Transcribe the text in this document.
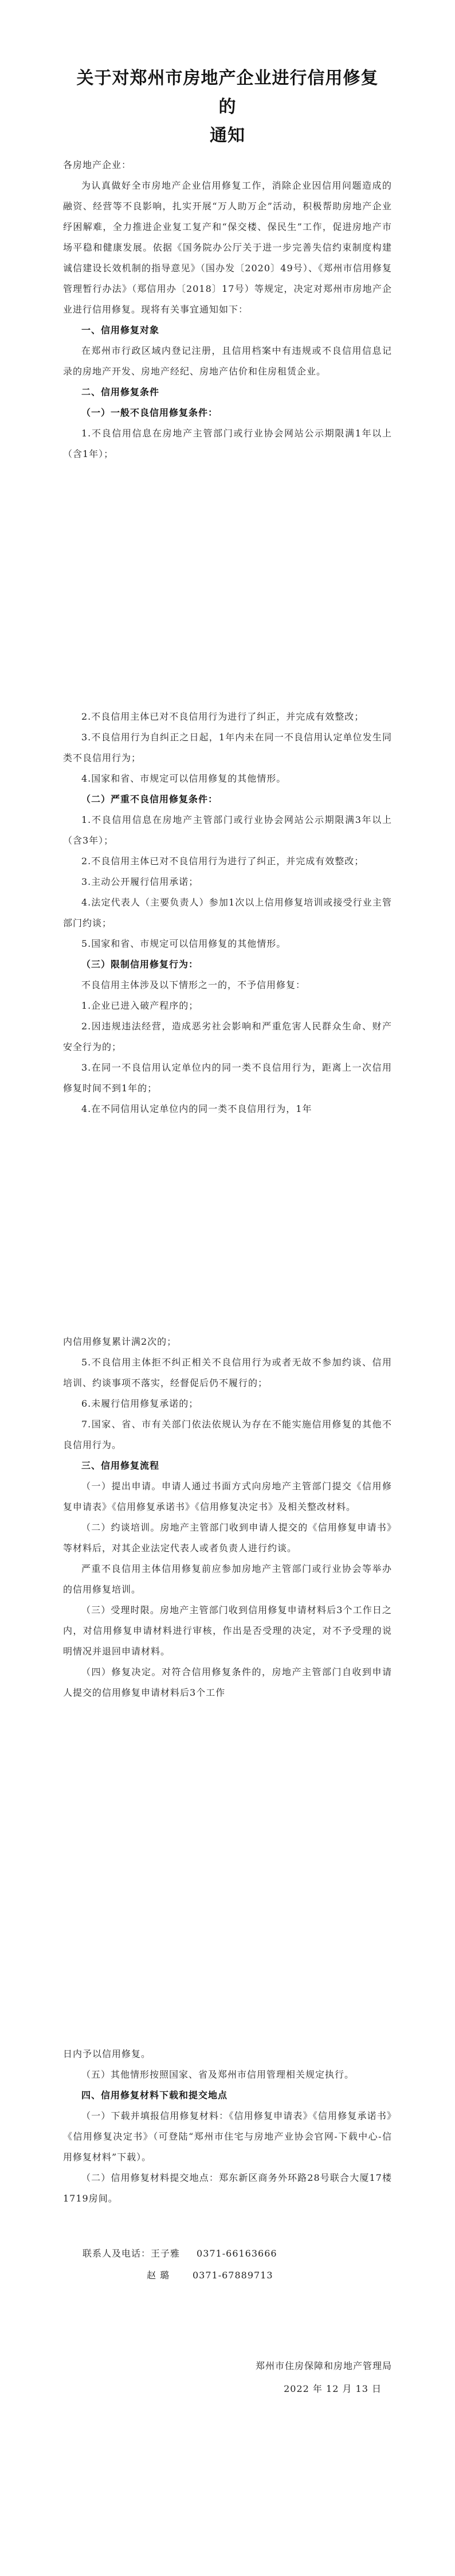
关于对郑州市房地产企业进行信用修复的
通知

各房地产企业：

为认真做好全市房地产企业信用修复工作，消除企业因信用问题造成的融资、经营等不良影响，扎实开展“万人助万企”活动，积极帮助房地产企业纾困解难，全力推进企业复工复产和“保交楼、保民生”工作，促进房地产市场平稳和健康发展。依据《国务院办公厅关于进一步完善失信约束制度构建诚信建设长效机制的指导意见》（国办发〔2020〕49号）、《郑州市信用修复管理暂行办法》（郑信用办〔2018〕17号）等规定，决定对郑州市房地产企业进行信用修复。现将有关事宜通知如下：

一、信用修复对象

在郑州市行政区域内登记注册，且信用档案中有违规或不良信用信息记录的房地产开发、房地产经纪、房地产估价和住房租赁企业。

二、信用修复条件

（一）一般不良信用修复条件：

1.不良信用信息在房地产主管部门或行业协会网站公示期限满1年以上（含1年）；

2.不良信用主体已对不良信用行为进行了纠正，并完成有效整改；

3.不良信用行为自纠正之日起，1年内未在同一不良信用认定单位发生同类不良信用行为；

4.国家和省、市规定可以信用修复的其他情形。

（二）严重不良信用修复条件：

1.不良信用信息在房地产主管部门或行业协会网站公示期限满3年以上（含3年）；

2.不良信用主体已对不良信用行为进行了纠正，并完成有效整改；

3.主动公开履行信用承诺；

4.法定代表人（主要负责人）参加1次以上信用修复培训或接受行业主管部门约谈；

5.国家和省、市规定可以信用修复的其他情形。

（三）限制信用修复行为：

不良信用主体涉及以下情形之一的，不予信用修复：

1.企业已进入破产程序的；

2.因违规违法经营，造成恶劣社会影响和严重危害人民群众生命、财产安全行为的；

3.在同一不良信用认定单位内的同一类不良信用行为，距离上一次信用修复时间不到1年的；

4.在不同信用认定单位内的同一类不良信用行为，1年

内信用修复累计满2次的；

5.不良信用主体拒不纠正相关不良信用行为或者无故不参加约谈、信用培训、约谈事项不落实，经督促后仍不履行的；

6.未履行信用修复承诺的；

7.国家、省、市有关部门依法依规认为存在不能实施信用修复的其他不良信用行为。

三、信用修复流程

（一）提出申请。申请人通过书面方式向房地产主管部门提交《信用修复申请表》《信用修复承诺书》《信用修复决定书》及相关整改材料。

（二）约谈培训。房地产主管部门收到申请人提交的《信用修复申请书》等材料后，对其企业法定代表人或者负责人进行约谈。

严重不良信用主体信用修复前应参加房地产主管部门或行业协会等举办的信用修复培训。

（三）受理时限。房地产主管部门收到信用修复申请材料后3个工作日之内，对信用修复申请材料进行审核，作出是否受理的决定，对不予受理的说明情况并退回申请材料。

（四）修复决定。对符合信用修复条件的，房地产主管部门自收到申请人提交的信用修复申请材料后3个工作

日内予以信用修复。

（五）其他情形按照国家、省及郑州市信用管理相关规定执行。

四、信用修复材料下载和提交地点

（一）下载并填报信用修复材料：《信用修复申请表》《信用修复承诺书》《信用修复决定书》（可登陆“郑州市住宅与房地产业协会官网-下载中心-信用修复材料”下载）。

（二）信用修复材料提交地点：郑东新区商务外环路28号联合大厦17楼1719房间。

联系人及电话：王子雅 0371-66163666
赵 璐 0371-67889713
郑州市住房保障和房地产管理局
2022 年 12 月 13 日
